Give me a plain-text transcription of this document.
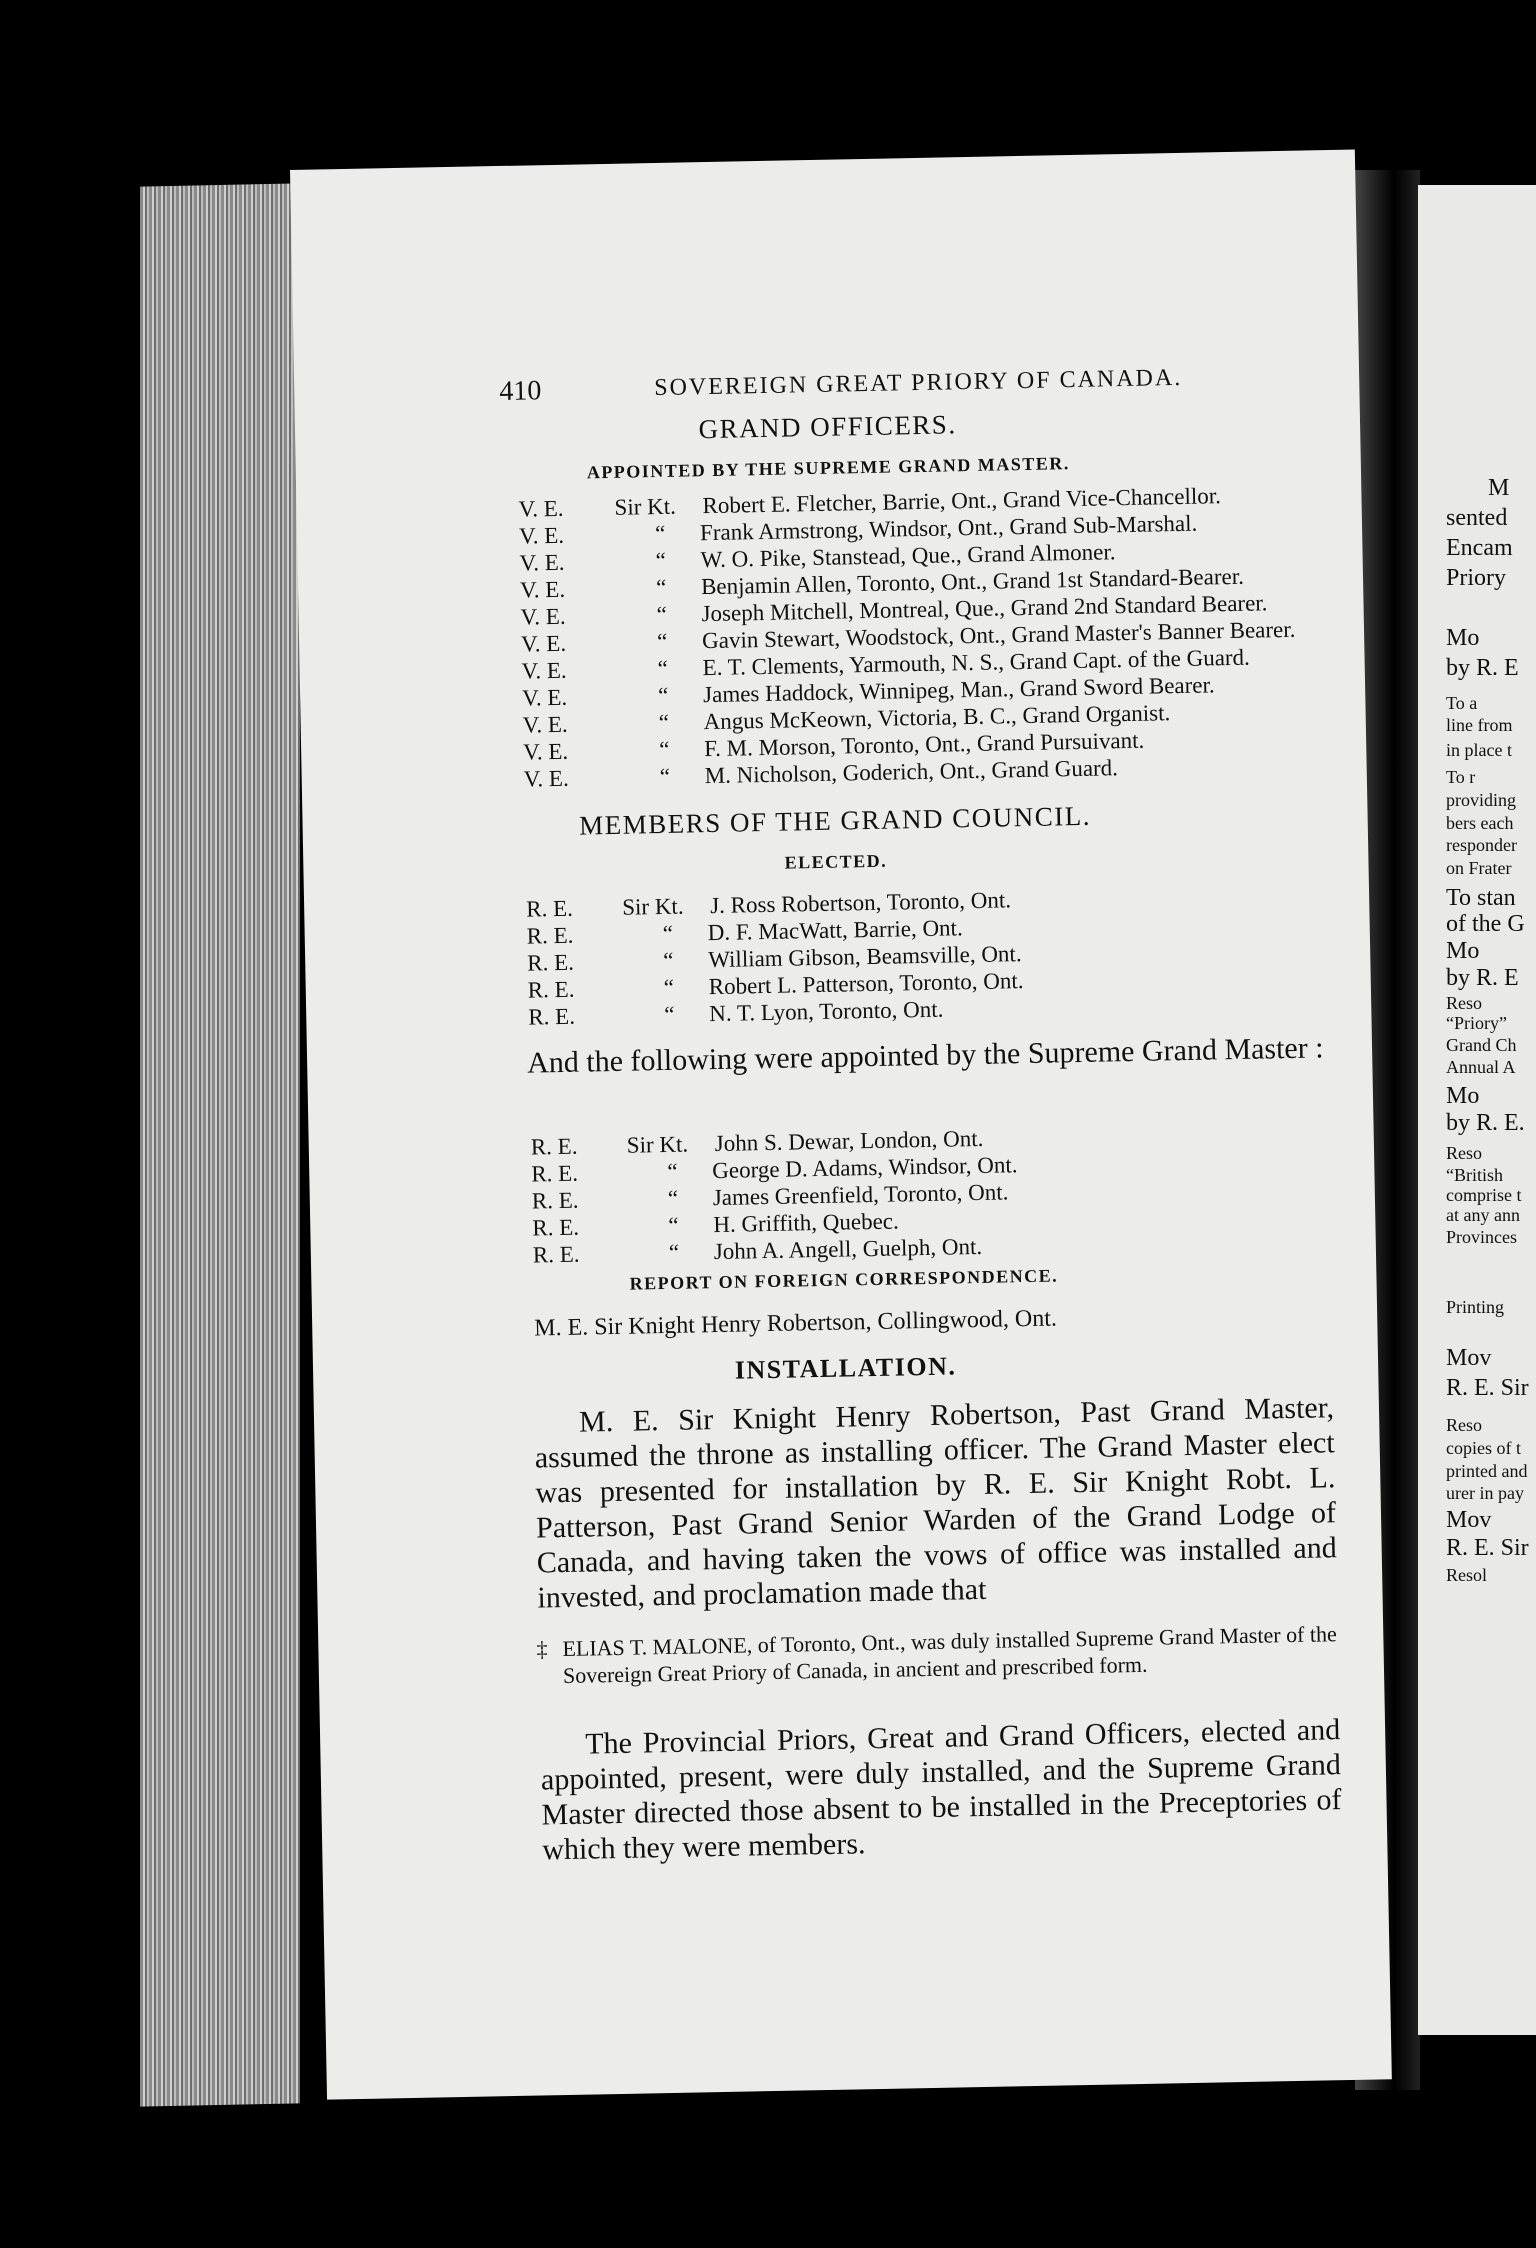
M
sented
Encam
Priory
Mo
by R. E
To a
line from
in place t
To r
providing
bers each
responder
on Frater
To stan
of the G
Mo
by R. E
Reso
“Priory”
Grand Ch
Annual A
Mo
by R. E.
Reso
“British
comprise t
at any ann
Provinces
Printing
Mov
R. E. Sir
Reso
copies of t
printed and
urer in pay
Mov
R. E. Sir
Resol
410	SOVEREIGN GREAT PRIORY OF CANADA.
GRAND OFFICERS.
APPOINTED BY THE SUPREME GRAND MASTER.
V. E.	Sir Kt.	Robert E. Fletcher, Barrie, Ont., Grand Vice-Chancellor.
V. E.	“	Frank Armstrong, Windsor, Ont., Grand Sub-Marshal.
V. E.	“	W. O. Pike, Stanstead, Que., Grand Almoner.
V. E.	“	Benjamin Allen, Toronto, Ont., Grand 1st Standard-Bearer.
V. E.	“	Joseph Mitchell, Montreal, Que., Grand 2nd Standard Bearer.
V. E.	“	Gavin Stewart, Woodstock, Ont., Grand Master's Banner Bearer.
V. E.	“	E. T. Clements, Yarmouth, N. S., Grand Capt. of the Guard.
V. E.	“	James Haddock, Winnipeg, Man., Grand Sword Bearer.
V. E.	“	Angus McKeown, Victoria, B. C., Grand Organist.
V. E.	“	F. M. Morson, Toronto, Ont., Grand Pursuivant.
V. E.	“	M. Nicholson, Goderich, Ont., Grand Guard.
MEMBERS OF THE GRAND COUNCIL.
ELECTED.
R. E.	Sir Kt.	J. Ross Robertson, Toronto, Ont.
R. E.	“	D. F. MacWatt, Barrie, Ont.
R. E.	“	William Gibson, Beamsville, Ont.
R. E.	“	Robert L. Patterson, Toronto, Ont.
R. E.	“	N. T. Lyon, Toronto, Ont.
And the following were appointed by the Supreme Grand Master :
R. E.	Sir Kt.	John S. Dewar, London, Ont.
R. E.	“	George D. Adams, Windsor, Ont.
R. E.	“	James Greenfield, Toronto, Ont.
R. E.	“	H. Griffith, Quebec.
R. E.	“	John A. Angell, Guelph, Ont.
REPORT ON FOREIGN CORRESPONDENCE.
M. E. Sir Knight Henry Robertson, Collingwood, Ont.
INSTALLATION.
M. E. Sir Knight Henry Robertson, Past Grand Master, assumed the throne as installing officer. The Grand Master elect was presented for installation by R. E. Sir Knight Robt. L. Patterson, Past Grand Senior Warden of the Grand Lodge of Canada, and having taken the vows of office was installed and invested, and proclamation made that
‡ ELIAS T. MALONE, of Toronto, Ont., was duly installed Supreme Grand Master of the Sovereign Great Priory of Canada, in ancient and prescribed form.
The Provincial Priors, Great and Grand Officers, elected and appointed, present, were duly installed, and the Supreme Grand Master directed those absent to be installed in the Preceptories of which they were members.
